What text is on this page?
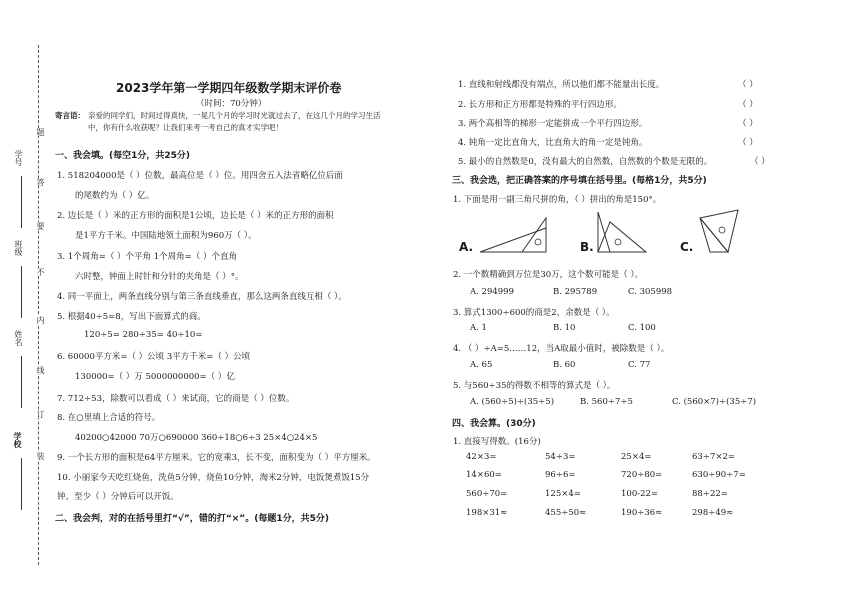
题
答
要
不
内
线
订
装
学号
班级
姓名
学校
2023学年第一学期四年级数学期末评价卷
（时间：70分钟）
寄言语： 亲爱的同学们，时间过得真快，一晃几个月的学习时光就过去了，在这几个月的学习生活
中，你有什么收获呢？让我们来考一考自己的真才实学吧！
一、我会填。(每空1分，共25分)
1. 518204000是（ ）位数，最高位是（ ）位。用四舍五入法省略亿位后面
的尾数约为（ ）亿。
2. 边长是（ ）米的正方形的面积是1公顷，边长是（ ）米的正方形的面积
是1平方千米。中国陆地领土面积为960万（ ）。
3. 1个周角=（ ）个平角 1个周角=（ ）个直角
六时整，钟面上时针和分针的夹角是（ ）°。
4. 同一平面上，两条直线分别与第三条直线垂直，那么这两条直线互相（ ）。
5. 根据40÷5=8，写出下面算式的商。
120÷5= 280÷35= 40÷10=
6. 60000平方米=（ ）公顷 3平方千米=（ ）公顷
130000=（ ）万 5000000000=（ ）亿
7. 712÷53，除数可以看成（ ）来试商，它的商是（ ）位数。
8. 在○里填上合适的符号。
40200○42000 70万○690000 360÷18○6÷3 25×4○24×5
9. 一个长方形的面积是64平方厘米。它的宽乘3，长不变，面积变为（ ）平方厘米。
10. 小丽家今天吃红烧鱼，洗鱼5分钟，烧鱼10分钟，淘米2分钟，电饭煲煮饭15分
钟。至少（ ）分钟后可以开饭。
二、我会判，对的在括号里打“√”，错的打“×”。(每题1分，共5分)
1. 直线和射线都没有端点，所以他们都不能量出长度。	（ ）
2. 长方形和正方形都是特殊的平行四边形。	（ ）
3. 两个高相等的梯形一定能拼成一个平行四边形。	（ ）
4. 钝角一定比直角大，比直角大的角一定是钝角。	（ ）
5. 最小的自然数是0，没有最大的自然数，自然数的个数是无限的。	（ ）
三、我会选，把正确答案的序号填在括号里。(每格1分，共5分)
1. 下面是用一副三角尺拼的角，（ ）拼出的角是150°。
A.	B.	C.
2. 一个数精确到万位是30万，这个数可能是（ ）。
A. 294999	B. 295789	C. 305998
3. 算式1300÷600的商是2，余数是（ ）。
A. 1	B. 10	C. 100
4. （ ）÷A=5……12，当A取最小值时，被除数是（ ）。
A. 65	B. 60	C. 77
5. 与560÷35的得数不相等的算式是（ ）。
A. (560÷5)÷(35÷5)	B. 560÷7÷5	C. (560×7)÷(35÷7)
四、我会算。(30分)
1. 直接写得数。(16分)
42×3=	54÷3=	25×4=	63÷7×2=
14×60=	96÷6=	720÷80=	630÷90÷7=
560÷70=	125×4=	100-22=	88÷22=
198×31≈	455÷50≈	190÷36≈	298÷49≈
